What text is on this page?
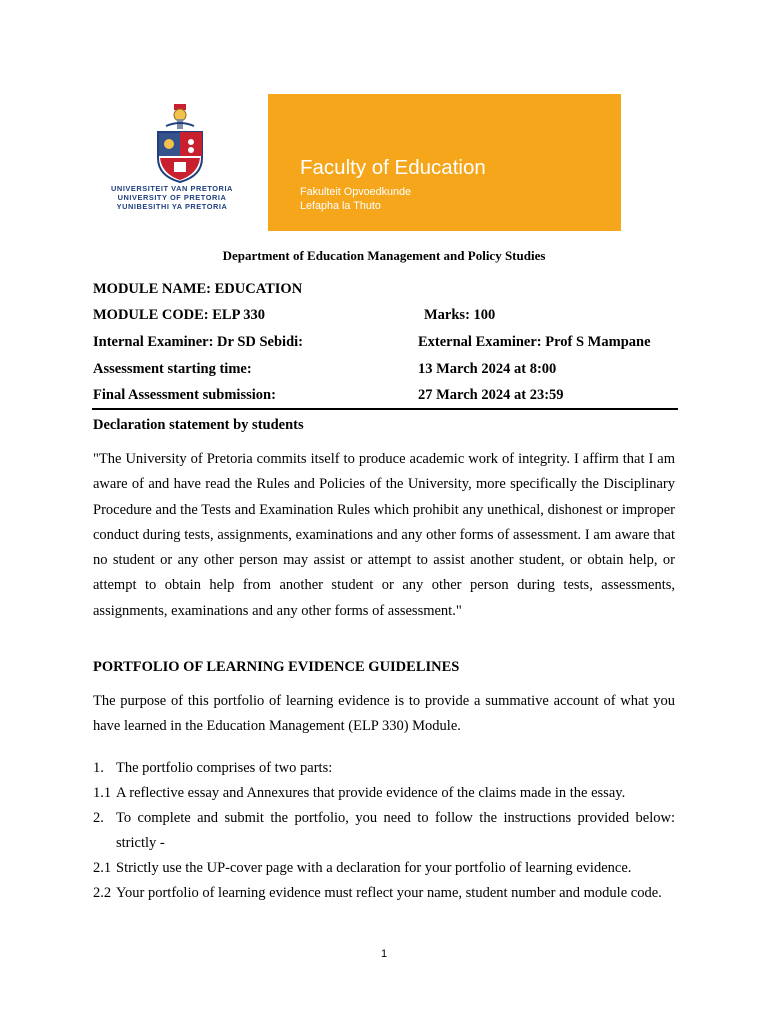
UNIVERSITEIT VAN PRETORIA
UNIVERSITY OF PRETORIA
YUNIBESITHI YA PRETORIA
Faculty of Education
Fakulteit Opvoedkunde
Lefapha la Thuto
Department of Education Management and Policy Studies
MODULE NAME: EDUCATION
MODULE CODE: ELP 330	Marks: 100
Internal Examiner: Dr SD Sebidi:	External Examiner: Prof S Mampane
Assessment starting time:	13 March 2024 at 8:00
Final Assessment submission:	27 March 2024 at 23:59
Declaration statement by students
"The University of Pretoria commits itself to produce academic work of integrity. I affirm that I am aware of and have read the Rules and Policies of the University, more specifically the Disciplinary Procedure and the Tests and Examination Rules which prohibit any unethical, dishonest or improper conduct during tests, assignments, examinations and any other forms of assessment. I am aware that no student or any other person may assist or attempt to assist another student, or obtain help, or attempt to obtain help from another student or any other person during tests, assessments, assignments, examinations and any other forms of assessment."
PORTFOLIO OF LEARNING EVIDENCE GUIDELINES
The purpose of this portfolio of learning evidence is to provide a summative account of what you have learned in the Education Management (ELP 330) Module.
1. The portfolio comprises of two parts:
1.1 A reflective essay and Annexures that provide evidence of the claims made in the essay.
2. To complete and submit the portfolio, you need to follow the instructions provided below: strictly -
2.1 Strictly use the UP-cover page with a declaration for your portfolio of learning evidence.
2.2 Your portfolio of learning evidence must reflect your name, student number and module code.
1
